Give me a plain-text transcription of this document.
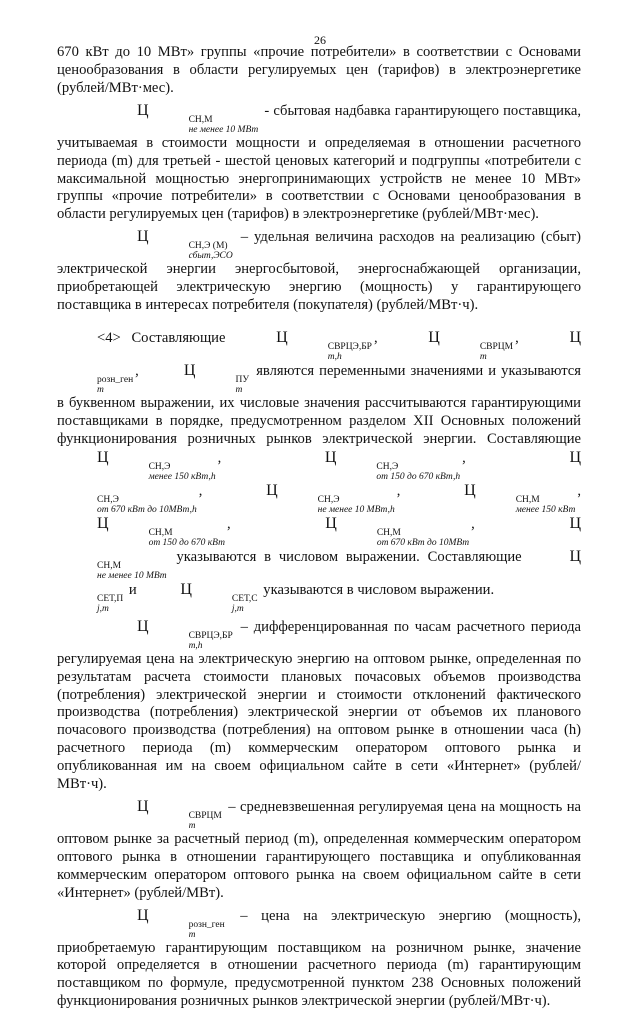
26

670 кВт до 10 МВт» группы «прочие потребители» в соответствии с Основами ценообразования в области регулируемых цен (тарифов) в электроэнергетике (рублей/МВт·мес).

Ц
СН,М
не менее 10 МВт
- сбытовая надбавка гарантирующего поставщика, учитываемая в стоимости мощности и определяемая в отношении расчетного периода (m) для третьей - шестой ценовых категорий и подгруппы «потребители с максимальной мощностью энергопринимающих устройств не менее 10 МВт» группы «прочие потребители» в соответствии с Основами ценообразования в области регулируемых цен (тарифов) в электроэнергетике (рублей/МВт·мес).

Ц
СН,Э (М)
сбыт,ЭСО
– удельная величина расходов на реализацию (сбыт) электрической энергии энергосбытовой, энергоснабжающей организации, приобретающей электрическую энергию (мощность) у гарантирующего поставщика в интересах потребителя (покупателя) (рублей/МВт·ч).

<4> Составляющие	Ц
СВРЦЭ,БР
m,h
,	Ц
СВРЦМ
m
,	Ц
розн_ген
m
,	Ц
ПУ
m
являются переменными значениями и указываются в буквенном выражении, их числовые значения рассчитываются гарантирующими поставщиками в порядке, предусмотренном разделом XII Основных положений функционирования розничных рынков электрической энергии. Составляющие Ц
СН,Э
менее 150 кВт,h
,	Ц
СН,Э
от 150 до 670 кВт,h
,	Ц
СН,Э
от 670 кВт до 10МВт,h
,	Ц
СН,Э
не менее 10 МВт,h
,	Ц
СН,М
менее 150 кВт
, Ц
СН,М
от 150 до 670 кВт
,	Ц
СН,М
от 670 кВт до 10МВт
,	Ц
СН,М
не менее 10 МВт
указываются в числовом выражении. Составляющие	Ц
СЕТ,П
j,m
и	Ц
СЕТ,С
j,m
указываются в числовом выражении.

Ц
СВРЦЭ,БР
m,h
– дифференцированная по часам расчетного периода регулируемая цена на электрическую энергию на оптовом рынке, определенная по результатам расчета стоимости плановых почасовых объемов производства (потребления) электрической энергии и стоимости отклонений фактического производства (потребления) электрической энергии от объемов их планового почасового производства (потребления) на оптовом рынке в отношении часа (h) расчетного периода (m) коммерческим оператором оптового рынка и опубликованная им на своем официальном сайте в сети «Интернет» (рублей/МВт·ч).

Ц
СВРЦМ
m
– средневзвешенная регулируемая цена на мощность на оптовом рынке за расчетный период (m), определенная коммерческим оператором оптового рынка в отношении гарантирующего поставщика и опубликованная коммерческим оператором оптового рынка на своем официальном сайте в сети «Интернет» (рублей/МВт).

Ц
розн_ген
m
– цена на электрическую энергию (мощность), приобретаемую гарантирующим поставщиком на розничном рынке, значение которой определяется в отношении расчетного периода (m) гарантирующим поставщиком по формуле, предусмотренной пунктом 238 Основных положений функционирования розничных рынков электрической энергии (рублей/МВт·ч).
